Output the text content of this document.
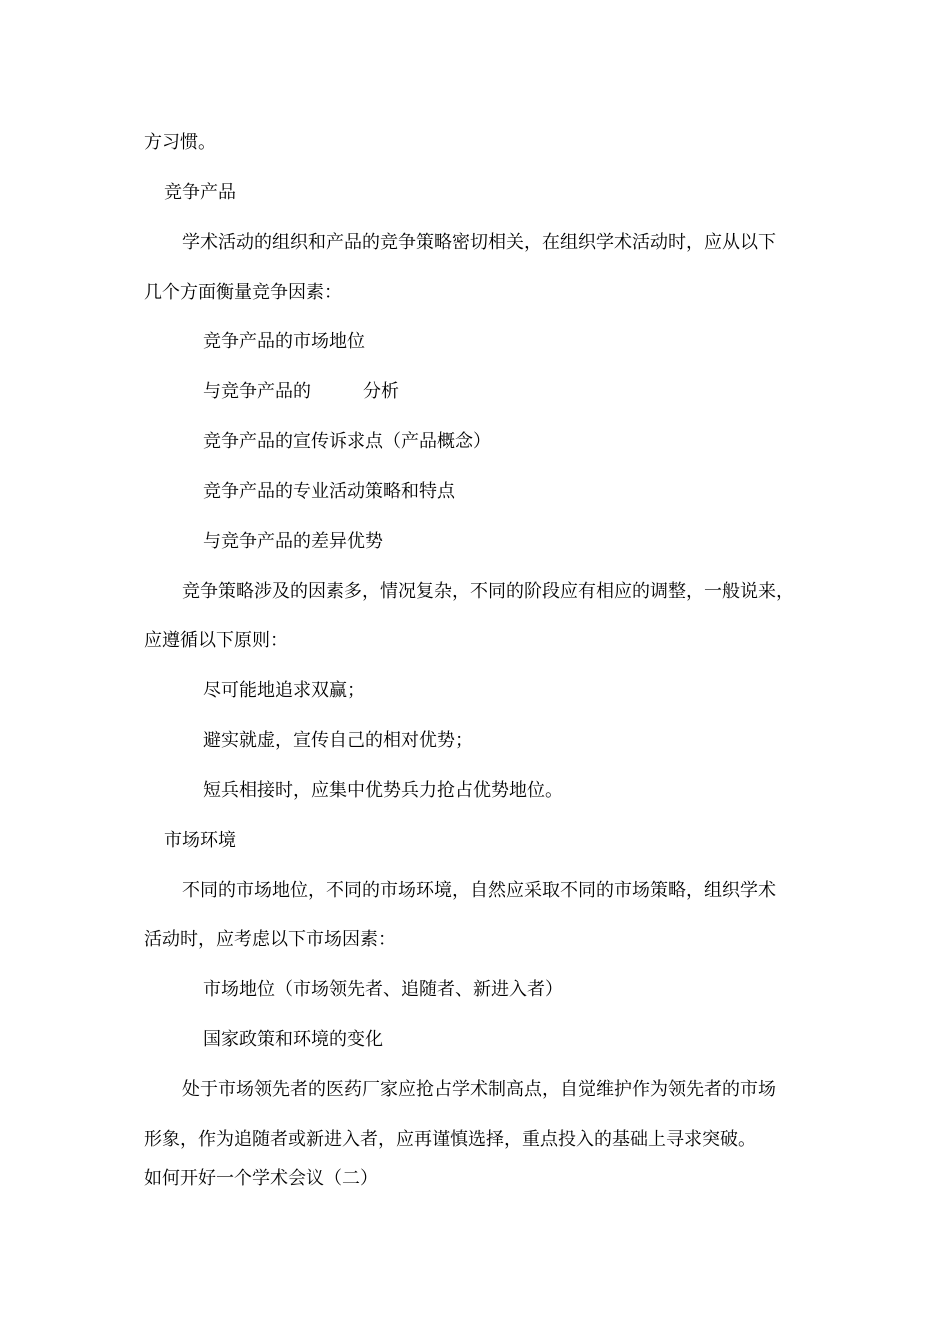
方习惯。
竞争产品
学术活动的组织和产品的竞争策略密切相关，在组织学术活动时，应从以下
几个方面衡量竞争因素：
竞争产品的市场地位
与竞争产品的	分析
竞争产品的宣传诉求点（产品概念）
竞争产品的专业活动策略和特点
与竞争产品的差异优势
竞争策略涉及的因素多，情况复杂，不同的阶段应有相应的调整，一般说来，
应遵循以下原则：
尽可能地追求双赢；
避实就虚，宣传自己的相对优势；
短兵相接时，应集中优势兵力抢占优势地位。
市场环境
不同的市场地位，不同的市场环境，自然应采取不同的市场策略，组织学术
活动时，应考虑以下市场因素：
市场地位（市场领先者、追随者、新进入者）
国家政策和环境的变化
处于市场领先者的医药厂家应抢占学术制高点，自觉维护作为领先者的市场
形象，作为追随者或新进入者，应再谨慎选择，重点投入的基础上寻求突破。
如何开好一个学术会议（二）
